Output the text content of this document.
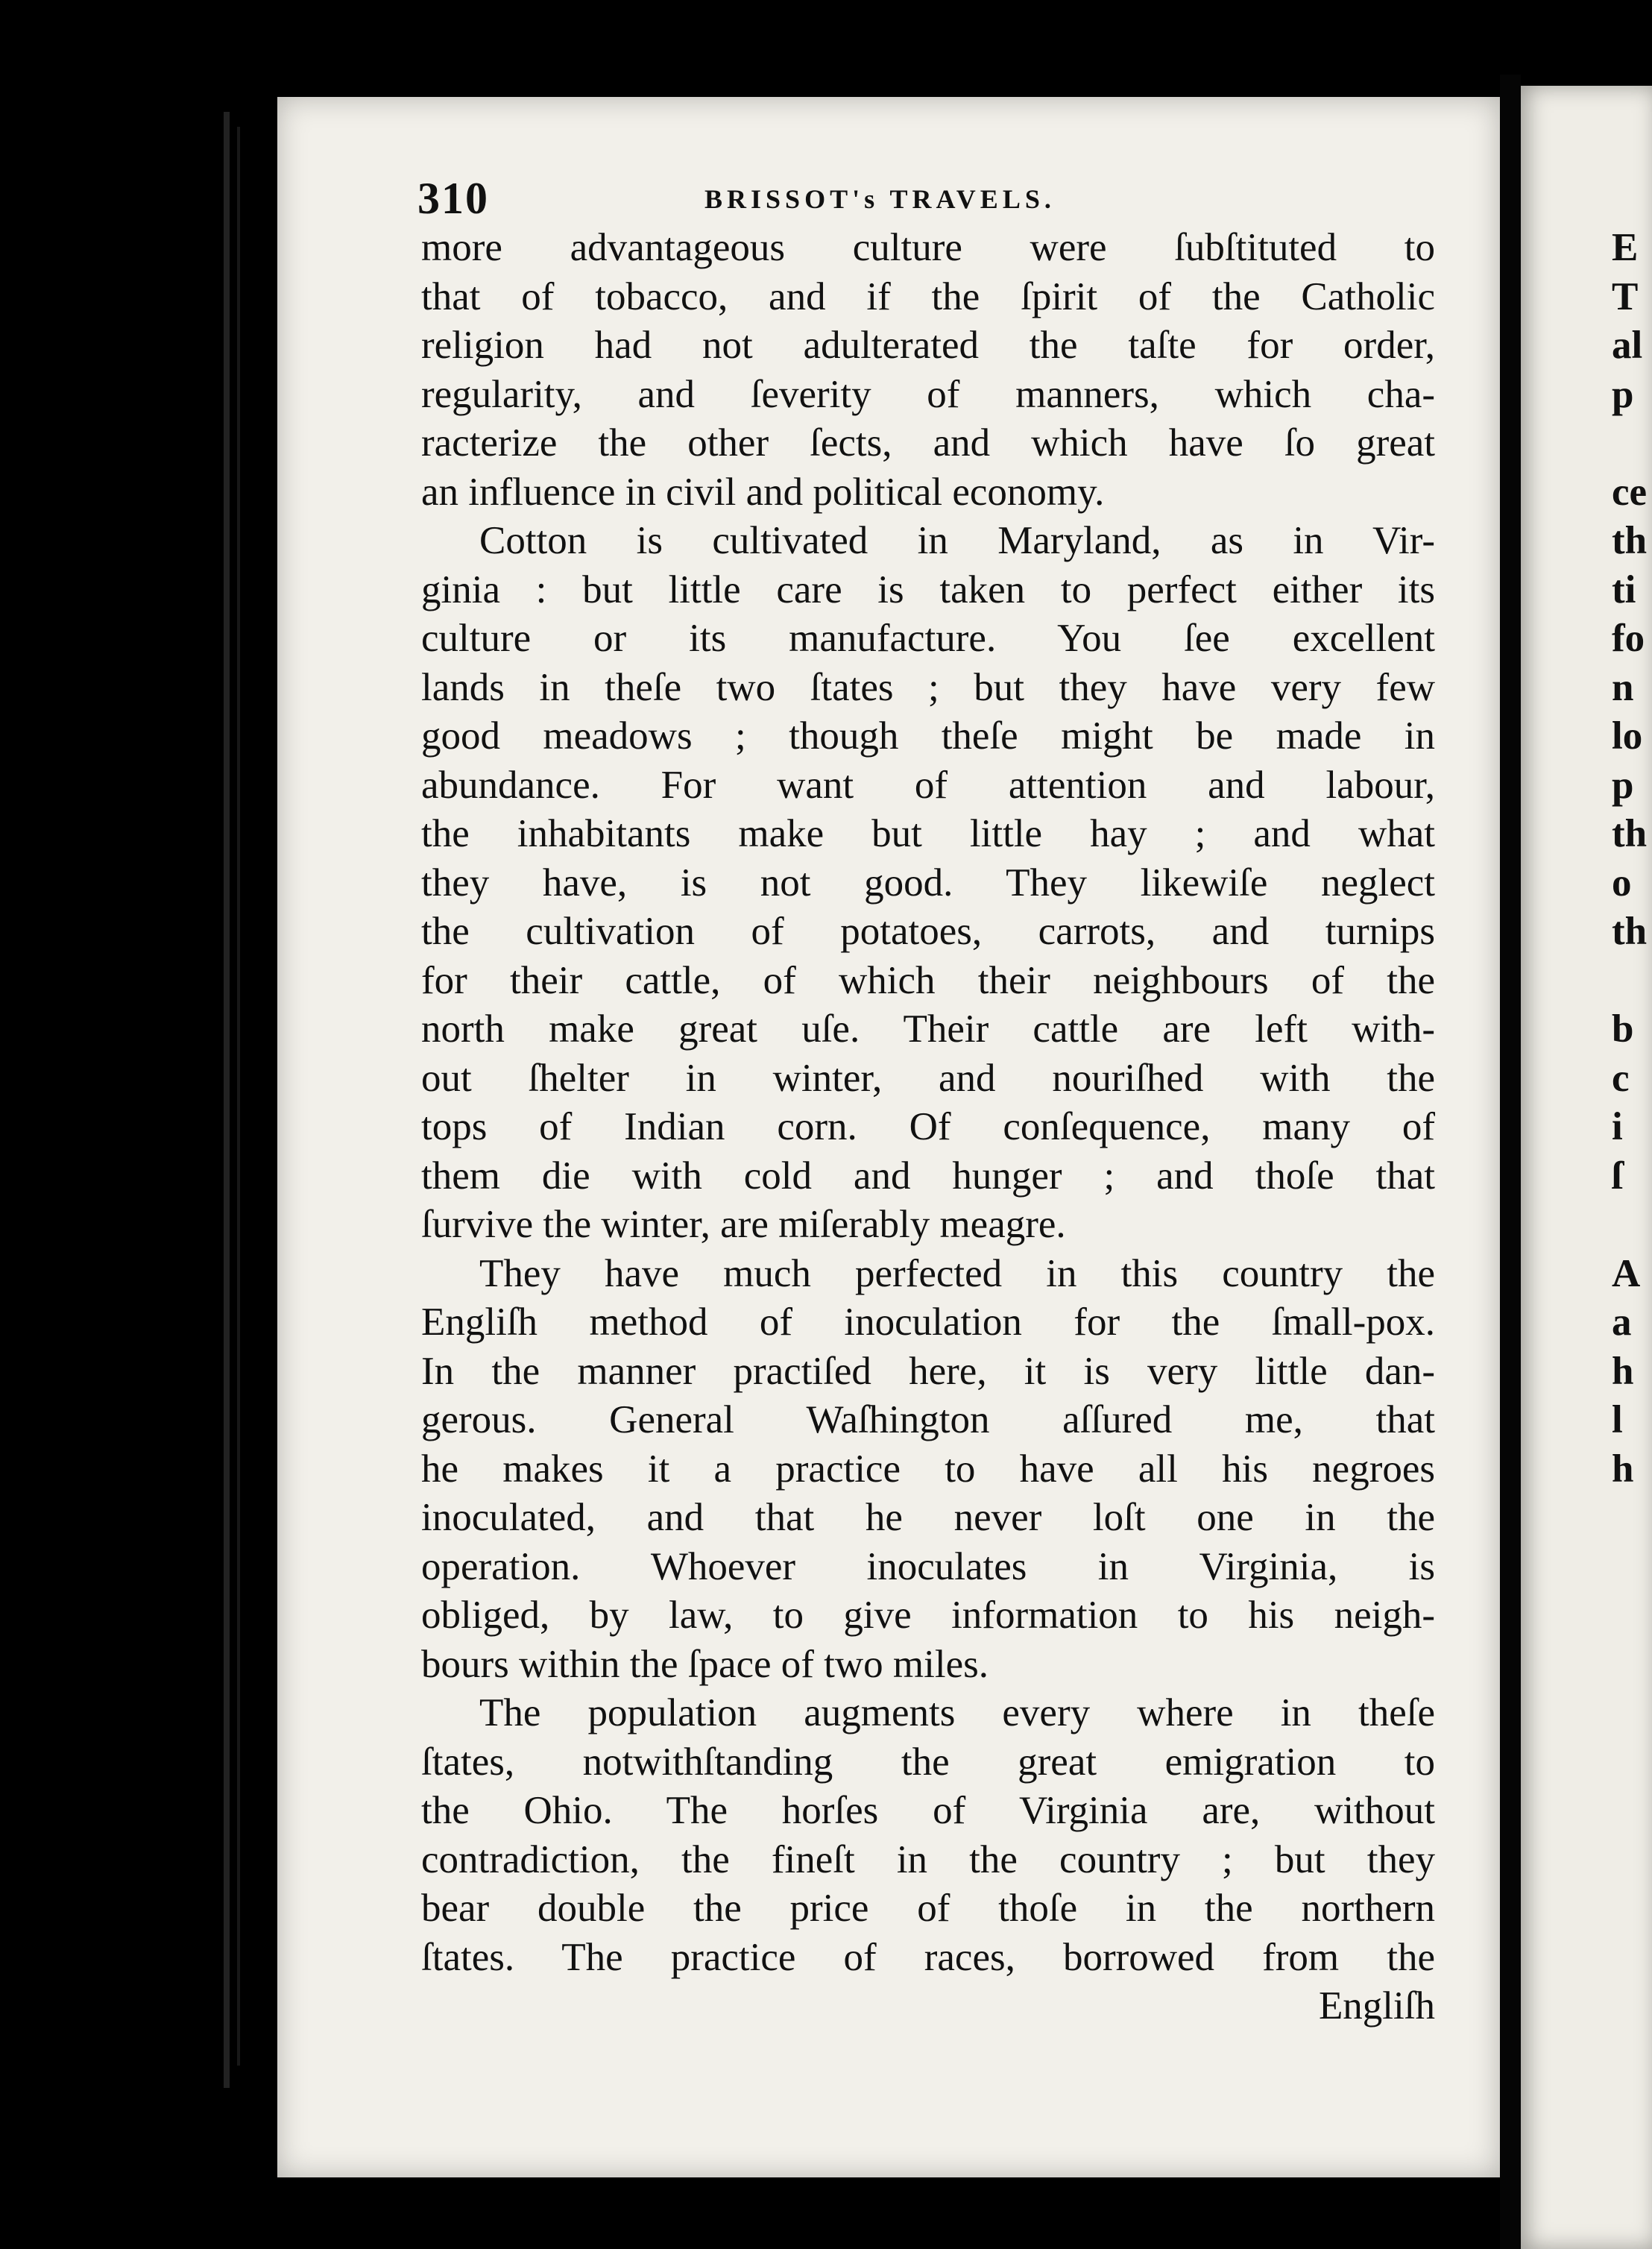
310	BRISSOT's TRAVELS.
more advantageous culture were ſubſtituted to
that of tobacco, and if the ſpirit of the Catholic
religion had not adulterated the taſte for order,
regularity, and ſeverity of manners, which cha-
racterize the other ſects, and which have ſo great
an influence in civil and political economy.
Cotton is cultivated in Maryland, as in Vir-
ginia : but little care is taken to perfect either its
culture or its manufacture. You ſee excellent
lands in theſe two ſtates ; but they have very few
good meadows ; though theſe might be made in
abundance. For want of attention and labour,
the inhabitants make but little hay ; and what
they have, is not good. They likewiſe neglect
the cultivation of potatoes, carrots, and turnips
for their cattle, of which their neighbours of the
north make great uſe. Their cattle are left with-
out ſhelter in winter, and nouriſhed with the
tops of Indian corn. Of conſequence, many of
them die with cold and hunger ; and thoſe that
ſurvive the winter, are miſerably meagre.
They have much perfected in this country the
Engliſh method of inoculation for the ſmall-pox.
In the manner practiſed here, it is very little dan-
gerous. General Waſhington aſſured me, that
he makes it a practice to have all his negroes
inoculated, and that he never loſt one in the
operation. Whoever inoculates in Virginia, is
obliged, by law, to give information to his neigh-
bours within the ſpace of two miles.
The population augments every where in theſe
ſtates, notwithſtanding the great emigration to
the Ohio. The horſes of Virginia are, without
contradiction, the fineſt in the country ; but they
bear double the price of thoſe in the northern
ſtates. The practice of races, borrowed from the
Engliſh
E
T
al
p
ce
th
ti
fo
n
lo
p
th
o
th
b
c
i
ſ
A
a
h
l
h
